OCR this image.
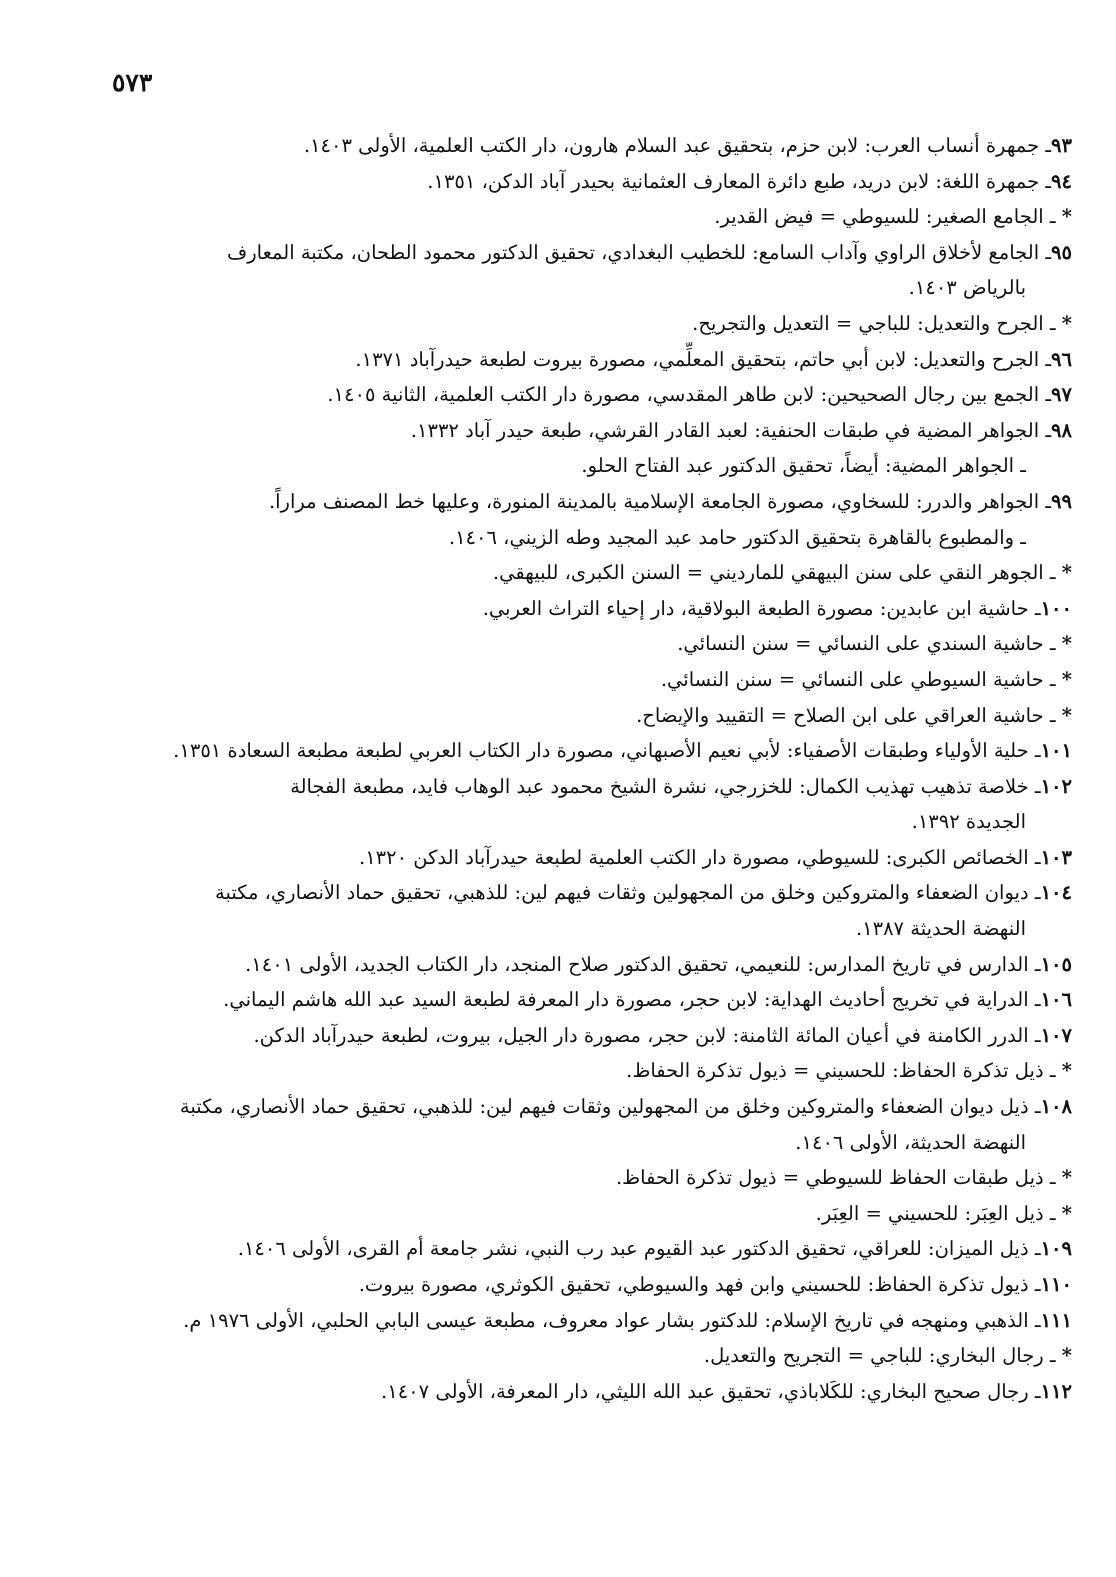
٥٧٣
٩٣ـ جمهرة أنساب العرب: لابن حزم، بتحقيق عبد السلام هارون، دار الكتب العلمية، الأولى ١٤٠٣.
٩٤ـ جمهرة اللغة: لابن دريد، طبع دائرة المعارف العثمانية بحيدر آباد الدكن، ١٣٥١.
* ـ الجامع الصغير: للسيوطي = فيض القدير.
٩٥ـ الجامع لأخلاق الراوي وآداب السامع: للخطيب البغدادي، تحقيق الدكتور محمود الطحان، مكتبة المعارف
بالرياض ١٤٠٣.
* ـ الجرح والتعديل: للباجي = التعديل والتجريح.
٩٦ـ الجرح والتعديل: لابن أبي حاتم، بتحقيق المعلِّمي، مصورة بيروت لطبعة حيدرآباد ١٣٧١.
٩٧ـ الجمع بين رجال الصحيحين: لابن طاهر المقدسي، مصورة دار الكتب العلمية، الثانية ١٤٠٥.
٩٨ـ الجواهر المضية في طبقات الحنفية: لعبد القادر القرشي، طبعة حيدر آباد ١٣٣٢.
ـ الجواهر المضية: أيضاً، تحقيق الدكتور عبد الفتاح الحلو.
٩٩ـ الجواهر والدرر: للسخاوي، مصورة الجامعة الإسلامية بالمدينة المنورة، وعليها خط المصنف مراراً.
ـ والمطبوع بالقاهرة بتحقيق الدكتور حامد عبد المجيد وطه الزيني، ١٤٠٦.
* ـ الجوهر النقي على سنن البيهقي للمارديني = السنن الكبرى، للبيهقي.
١٠٠ـ حاشية ابن عابدين: مصورة الطبعة البولاقية، دار إحياء التراث العربي.
* ـ حاشية السندي على النسائي = سنن النسائي.
* ـ حاشية السيوطي على النسائي = سنن النسائي.
* ـ حاشية العراقي على ابن الصلاح = التقييد والإيضاح.
١٠١ـ حلية الأولياء وطبقات الأصفياء: لأبي نعيم الأصبهاني، مصورة دار الكتاب العربي لطبعة مطبعة السعادة ١٣٥١.
١٠٢ـ خلاصة تذهيب تهذيب الكمال: للخزرجي، نشرة الشيخ محمود عبد الوهاب فايد، مطبعة الفجالة
الجديدة ١٣٩٢.
١٠٣ـ الخصائص الكبرى: للسيوطي، مصورة دار الكتب العلمية لطبعة حيدرآباد الدكن ١٣٢٠.
١٠٤ـ ديوان الضعفاء والمتروكين وخلق من المجهولين وثقات فيهم لين: للذهبي، تحقيق حماد الأنصاري، مكتبة
النهضة الحديثة ١٣٨٧.
١٠٥ـ الدارس في تاريخ المدارس: للنعيمي، تحقيق الدكتور صلاح المنجد، دار الكتاب الجديد، الأولى ١٤٠١.
١٠٦ـ الدراية في تخريج أحاديث الهداية: لابن حجر، مصورة دار المعرفة لطبعة السيد عبد الله هاشم اليماني.
١٠٧ـ الدرر الكامنة في أعيان المائة الثامنة: لابن حجر، مصورة دار الجيل، بيروت، لطبعة حيدرآباد الدكن.
* ـ ذيل تذكرة الحفاظ: للحسيني = ذيول تذكرة الحفاظ.
١٠٨ـ ذيل ديوان الضعفاء والمتروكين وخلق من المجهولين وثقات فيهم لين: للذهبي، تحقيق حماد الأنصاري، مكتبة
النهضة الحديثة، الأولى ١٤٠٦.
* ـ ذيل طبقات الحفاظ للسيوطي = ذيول تذكرة الحفاظ.
* ـ ذيل العِبَر: للحسيني = العِبَر.
١٠٩ـ ذيل الميزان: للعراقي، تحقيق الدكتور عبد القيوم عبد رب النبي، نشر جامعة أم القرى، الأولى ١٤٠٦.
١١٠ـ ذيول تذكرة الحفاظ: للحسيني وابن فهد والسيوطي، تحقيق الكوثري، مصورة بيروت.
١١١ـ الذهبي ومنهجه في تاريخ الإسلام: للدكتور بشار عواد معروف، مطبعة عيسى البابي الحلبي، الأولى ١٩٧٦ م.
* ـ رجال البخاري: للباجي = التجريح والتعديل.
١١٢ـ رجال صحيح البخاري: للكَلاباذي، تحقيق عبد الله الليثي، دار المعرفة، الأولى ١٤٠٧.
